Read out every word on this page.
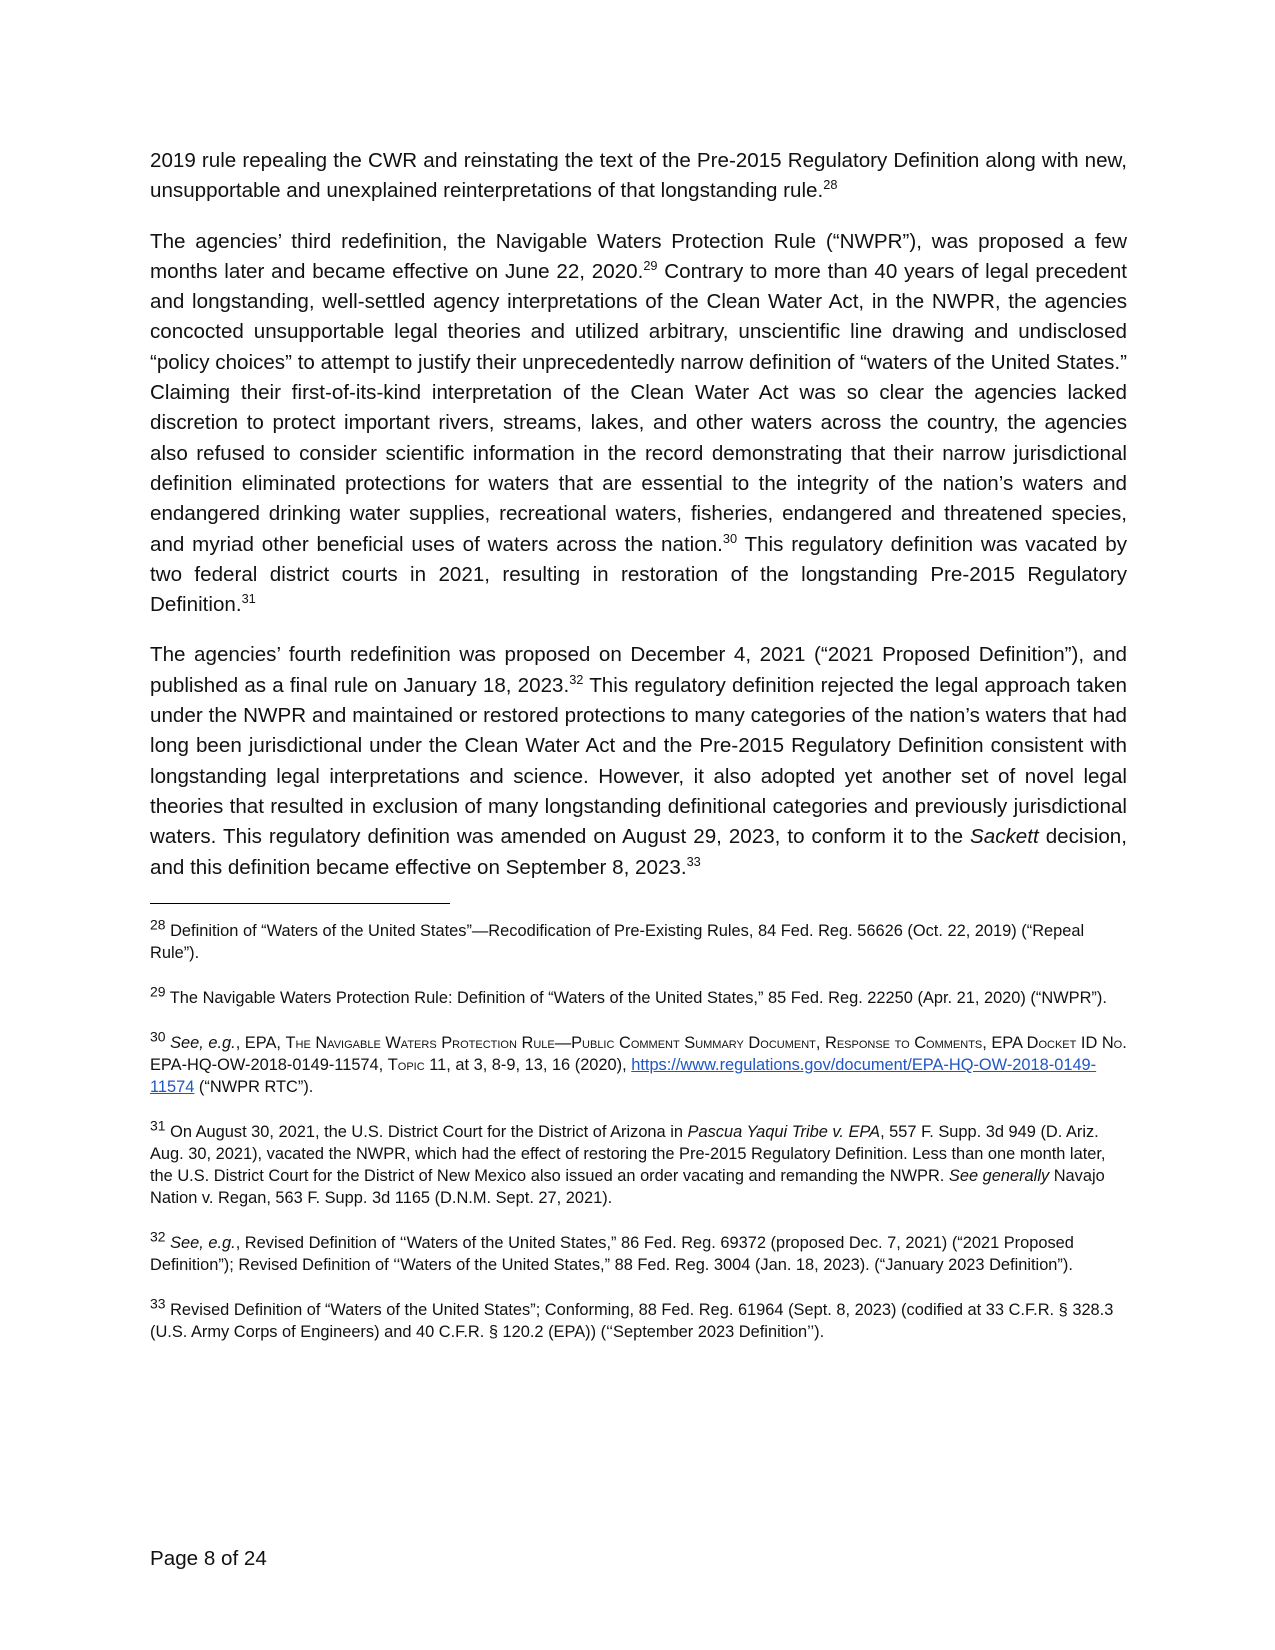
2019 rule repealing the CWR and reinstating the text of the Pre-2015 Regulatory Definition along with new, unsupportable and unexplained reinterpretations of that longstanding rule.$^{28}$

The agencies’ third redefinition, the Navigable Waters Protection Rule (“NWPR”), was proposed a few months later and became effective on June 22, 2020.29 Contrary to more than 40 years of legal precedent and longstanding, well-settled agency interpretations of the Clean Water Act, in the NWPR, the agencies concocted unsupportable legal theories and utilized arbitrary, unscientific line drawing and undisclosed “policy choices” to attempt to justify their unprecedentedly narrow definition of “waters of the United States.” Claiming their first-of-its-kind interpretation of the Clean Water Act was so clear the agencies lacked discretion to protect important rivers, streams, lakes, and other waters across the country, the agencies also refused to consider scientific information in the record demonstrating that their narrow jurisdictional definition eliminated protections for waters that are essential to the integrity of the nation’s waters and endangered drinking water supplies, recreational waters, fisheries, endangered and threatened species, and myriad other beneficial uses of waters across the nation.$^{30}$ This regulatory definition was vacated by two federal district courts in 2021, resulting in restoration of the longstanding Pre-2015 Regulatory Definition.$^{31}$

The agencies’ fourth redefinition was proposed on December 4, 2021 (“2021 Proposed Definition”), and published as a final rule on January 18, 2023.32 This regulatory definition rejected the legal approach taken under the NWPR and maintained or restored protections to many categories of the nation’s waters that had long been jurisdictional under the Clean Water Act and the Pre-2015 Regulatory Definition consistent with longstanding legal interpretations and science. However, it also adopted yet another set of novel legal theories that resulted in exclusion of many longstanding definitional categories and previously jurisdictional waters. This regulatory definition was amended on August 29, 2023, to conform it to the Sackett decision, and this definition became effective on September 8, 2023.33

$^{28}$ Definition of “Waters of the United States”—Recodification of Pre-Existing Rules, 84 Fed. Reg. 56626 (Oct. 22, 2019) (“Repeal Rule”).

$^{29}$ The Navigable Waters Protection Rule: Definition of “Waters of the United States,” 85 Fed. Reg. 22250 (Apr. 21, 2020) (“NWPR”).

$^{30}$ See, e.g., EPA, The Navigable Waters Protection Rule—Public Comment Summary Document, Response to Comments, EPA Docket ID No. EPA-HQ-OW-2018-0149-11574, Topic 11, at 3, 8-9, 13, 16 (2020), https://www.regulations.gov/document/EPA-HQ-OW-2018-0149-11574 (“NWPR RTC”).

$^{31}$ On August 30, 2021, the U.S. District Court for the District of Arizona in Pascua Yaqui Tribe v. EPA, 557 F. Supp. 3d 949 (D. Ariz. Aug. 30, 2021), vacated the NWPR, which had the effect of restoring the Pre-2015 Regulatory Definition. Less than one month later, the U.S. District Court for the District of New Mexico also issued an order vacating and remanding the NWPR. See generally Navajo Nation v. Regan, 563 F. Supp. 3d 1165 (D.N.M. Sept. 27, 2021).

$^{32}$ See, e.g., Revised Definition of ‘‘Waters of the United States,” 86 Fed. Reg. 69372 (proposed Dec. 7, 2021) (“2021 Proposed Definition”); Revised Definition of ‘‘Waters of the United States,” 88 Fed. Reg. 3004 (Jan. 18, 2023). (“January 2023 Definition”).

$^{33}$ Revised Definition of “Waters of the United States”; Conforming, 88 Fed. Reg. 61964 (Sept. 8, 2023) (codified at 33 C.F.R. § 328.3 (U.S. Army Corps of Engineers) and 40 C.F.R. § 120.2 (EPA)) (‘‘September 2023 Definition’’).

Page 8 of 24
